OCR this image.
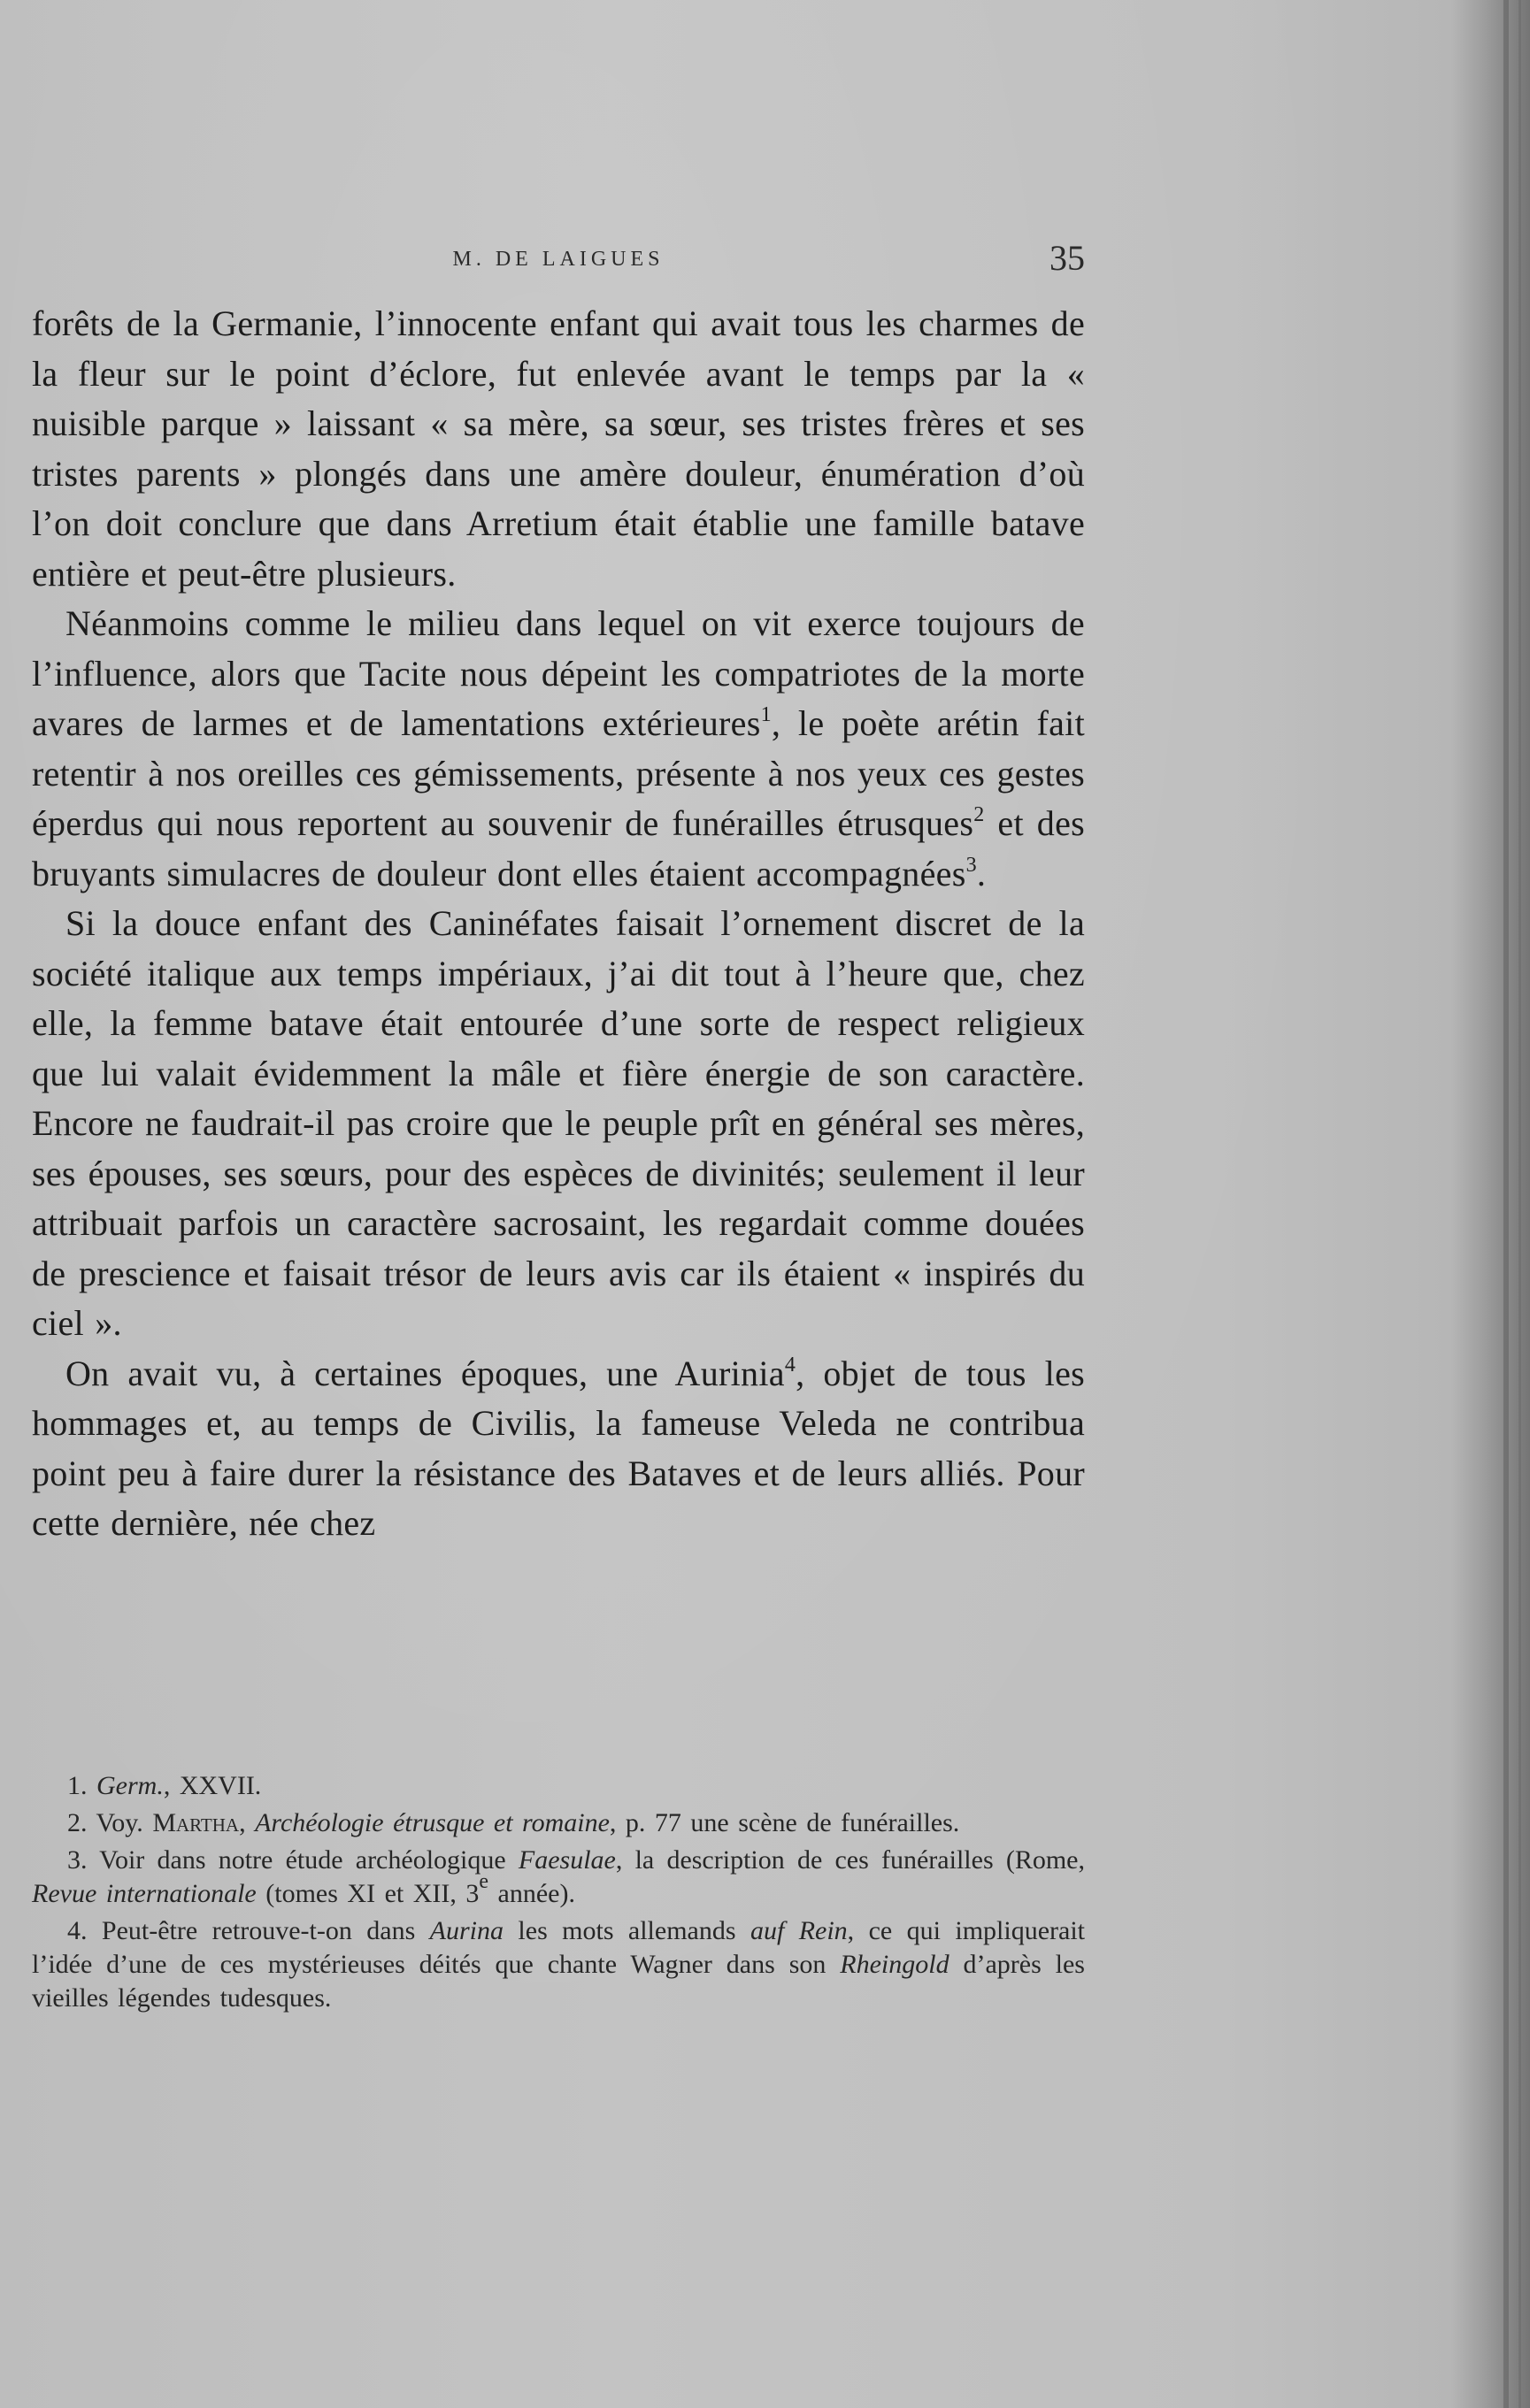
M. DE LAIGUES	35

forêts de la Germanie, l’innocente enfant qui avait tous les charmes de la fleur sur le point d’éclore, fut enlevée avant le temps par la « nuisible parque » laissant « sa mère, sa sœur, ses tristes frères et ses tristes parents » plongés dans une amère douleur, énumération d’où l’on doit conclure que dans Arretium était établie une famille batave entière et peut-être plusieurs.

Néanmoins comme le milieu dans lequel on vit exerce toujours de l’influence, alors que Tacite nous dépeint les compatriotes de la morte avares de larmes et de lamentations extérieures$^1$, le poète arétin fait retentir à nos oreilles ces gémissements, présente à nos yeux ces gestes éperdus qui nous reportent au souvenir de funérailles étrusques$^2$ et des bruyants simulacres de douleur dont elles étaient accompagnées$^3$.

Si la douce enfant des Caninéfates faisait l’ornement discret de la société italique aux temps impériaux, j’ai dit tout à l’heure que, chez elle, la femme batave était entourée d’une sorte de respect religieux que lui valait évidemment la mâle et fière énergie de son caractère. Encore ne faudrait-il pas croire que le peuple prît en général ses mères, ses épouses, ses sœurs, pour des espèces de divinités; seulement il leur attribuait parfois un caractère sacrosaint, les regardait comme douées de prescience et faisait trésor de leurs avis car ils étaient « inspirés du ciel ».

On avait vu, à certaines époques, une Aurinia$^4$, objet de tous les hommages et, au temps de Civilis, la fameuse Veleda ne contribua point peu à faire durer la résistance des Bataves et de leurs alliés. Pour cette dernière, née chez

1. Germ., XXVII.

2. Voy. Martha, Archéologie étrusque et romaine, p. 77 une scène de funérailles.

3. Voir dans notre étude archéologique Faesulae, la description de ces funérailles (Rome, Revue internationale (tomes XI et XII, 3e année).

4. Peut-être retrouve-t-on dans Aurina les mots allemands auf Rein, ce qui impliquerait l’idée d’une de ces mystérieuses déités que chante Wagner dans son Rheingold d’après les vieilles légendes tudesques.
